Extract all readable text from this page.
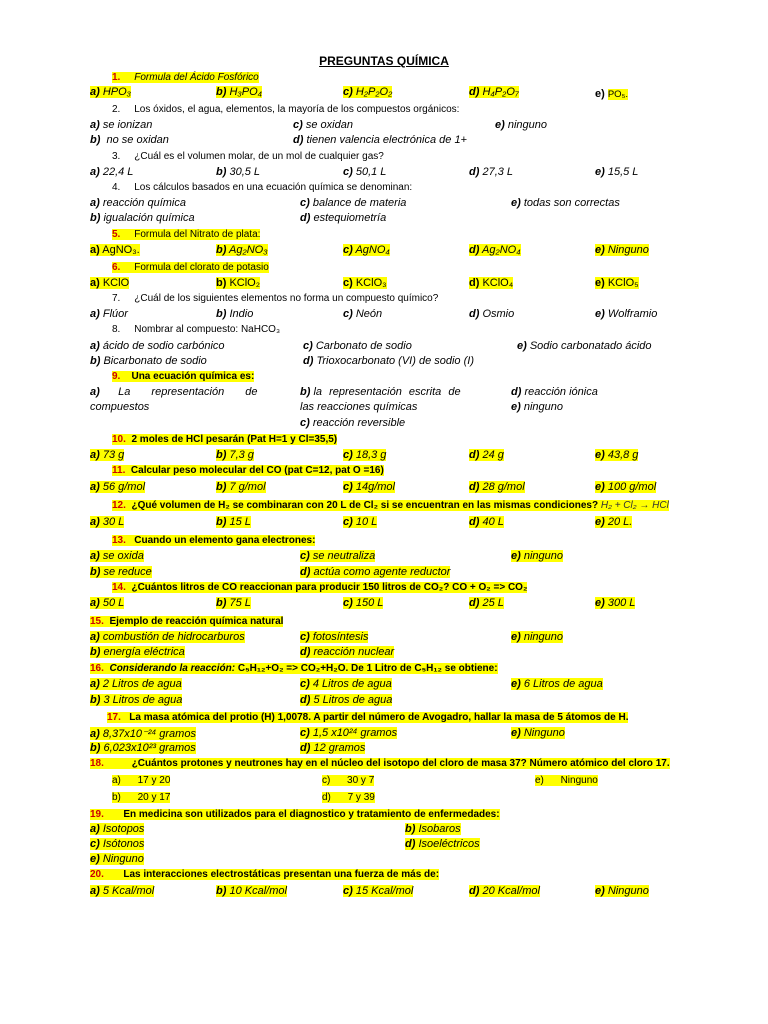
PREGUNTAS QUÍMICA
1. Formula del Ácido Fosfórico
a) HPO₃	b) H₃PO₄	c) H₂P₂O₂	d) H₄P₂O₇	e) PO₅.
2. Los óxidos, el agua, elementos, la mayoría de los compuestos orgánicos:
a) se ionizan	c) se oxidan	e) ninguno
b) no se oxidan	d) tienen valencia electrónica de 1+
3. ¿Cuál es el volumen molar, de un mol de cualquier gas?
a) 22,4 L	b) 30,5 L	c) 50,1 L	d) 27,3 L	e) 15,5 L
4. Los cálculos basados en una ecuación química se denominan:
a) reacción química	c) balance de materia	e) todas son correctas
b) igualación química	d) estequiometría
5. Formula del Nitrato de plata:
a) AgNO₃.	b) Ag₂NO₃	c) AgNO₄	d) Ag₂NO₄	e) Ninguno
6. Formula del clorato de potasio
a) KClO	b) KClO₂	c) KClO₃	d) KClO₄	e) KClO₅
7. ¿Cuál de los siguientes elementos no forma un compuesto químico?
a) Flúor	b) Indio	c) Neón	d) Osmio	e) Wolframio
8. Nombrar al compuesto: NaHCO₃
a) ácido de sodio carbónico	c) Carbonato de sodio	e) Sodio carbonatado ácido
b) Bicarbonato de sodio	d) Trioxocarbonato (VI) de sodio (I)
9. Una ecuación química es:
a) La representación de
compuestos
b) la representación escrita de
las reacciones químicas
c) reacción reversible
d) reacción iónica
e) ninguno
10. 2 moles de HCl pesarán (Pat H=1 y Cl=35,5)
a) 73 g	b) 7,3 g	c) 18,3 g	d) 24 g	e) 43,8 g
11. Calcular peso molecular del CO (pat C=12, pat O =16)
a) 56 g/mol	b) 7 g/mol	c) 14g/mol	d) 28 g/mol	e) 100 g/mol
12. ¿Qué volumen de H₂ se combinaran con 20 L de Cl₂ si se encuentran en las mismas condiciones? H₂ + Cl₂ → HCl
a) 30 L	b) 15 L	c) 10 L	d) 40 L	e) 20 L.
13. Cuando un elemento gana electrones:
a) se oxida	c) se neutraliza	e) ninguno
b) se reduce	d) actúa como agente reductor
14. ¿Cuántos litros de CO reaccionan para producir 150 litros de CO₂? CO + O₂ => CO₂
a) 50 L	b) 75 L	c) 150 L	d) 25 L	e) 300 L
15. Ejemplo de reacción química natural
a) combustión de hidrocarburos	c) fotosíntesis	e) ninguno
b) energía eléctrica	d) reacción nuclear
16. Considerando la reacción: C₅H₁₂+O₂ => CO₂+H₂O. De 1 Litro de C₅H₁₂ se obtiene:
a) 2 Litros de agua	c) 4 Litros de agua	e) 6 Litros de agua
b) 3 Litros de agua	d) 5 Litros de agua
17. La masa atómica del protio (H) 1,0078. A partir del número de Avogadro, hallar la masa de 5 átomos de H.
a) 8,37x10⁻²⁴ gramos	c) 1,5 x10²⁴ gramos	e) Ninguno
b) 6,023x10²³ gramos	d) 12 gramos
18.	¿Cuántos protones y neutrones hay en el núcleo del isotopo del cloro de masa 37? Número atómico del cloro 17.
a) 17 y 20	c) 30 y 7	e) Ninguno
b) 20 y 17	d) 7 y 39
19. En medicina son utilizados para el diagnostico y tratamiento de enfermedades:
a) Isotopos	b) Isobaros
c) Isótonos	d) Isoeléctricos
e) Ninguno
20. Las interacciones electrostáticas presentan una fuerza de más de:
a) 5 Kcal/mol	b) 10 Kcal/mol	c) 15 Kcal/mol	d) 20 Kcal/mol	e) Ninguno
